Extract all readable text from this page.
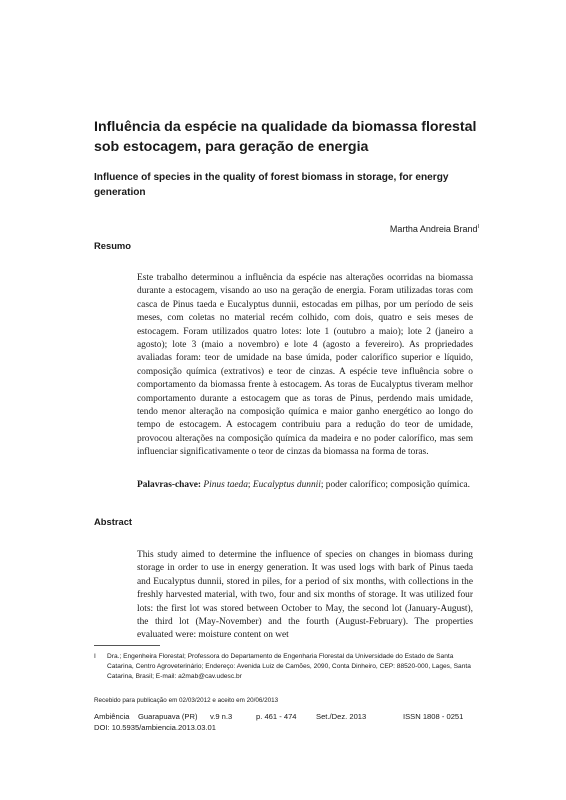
Influência da espécie na qualidade da biomassa florestal sob estocagem, para geração de energia
Influence of species in the quality of forest biomass in storage, for energy generation
Martha Andreia Brand$^I$
Resumo

Este trabalho determinou a influência da espécie nas alterações ocorridas na biomassa durante a estocagem, visando ao uso na geração de energia. Foram utilizadas toras com casca de Pinus taeda e Eucalyptus dunnii, estocadas em pilhas, por um período de seis meses, com coletas no material recém colhido, com dois, quatro e seis meses de estocagem. Foram utilizados quatro lotes: lote 1 (outubro a maio); lote 2 (janeiro a agosto); lote 3 (maio a novembro) e lote 4 (agosto a fevereiro). As propriedades avaliadas foram: teor de umidade na base úmida, poder calorífico superior e líquido, composição química (extrativos) e teor de cinzas. A espécie teve influência sobre o comportamento da biomassa frente à estocagem. As toras de Eucalyptus tiveram melhor comportamento durante a estocagem que as toras de Pinus, perdendo mais umidade, tendo menor alteração na composição química e maior ganho energético ao longo do tempo de estocagem. A estocagem contribuiu para a redução do teor de umidade, provocou alterações na composição química da madeira e no poder calorífico, mas sem influenciar significativamente o teor de cinzas da biomassa na forma de toras.

Palavras-chave: Pinus taeda; Eucalyptus dunnii; poder calorífico; composição química.

Abstract

This study aimed to determine the influence of species on changes in biomass during storage in order to use in energy generation. It was used logs with bark of Pinus taeda and Eucalyptus dunnii, stored in piles, for a period of six months, with collections in the freshly harvested material, with two, four and six months of storage. It was utilized four lots: the first lot was stored between October to May, the second lot (January-August), the third lot (May-November) and the fourth (August-February). The properties evaluated were: moisture content on wet

I Dra.; Engenheira Florestal; Professora do Departamento de Engenharia Florestal da Universidade do Estado de Santa Catarina, Centro Agroveterinário; Endereço: Avenida Luiz de Camões, 2090, Conta Dinheiro, CEP: 88520-000, Lages, Santa Catarina, Brasil; E-mail: a2mab@cav.udesc.br
Recebido para publicação em 02/03/2012 e aceito em 20/06/2013
Ambiência Guarapuava (PR) v.9 n.3	p. 461 - 474	Set./Dez. 2013	ISSN 1808 - 0251
DOI: 10.5935/ambiencia.2013.03.01
